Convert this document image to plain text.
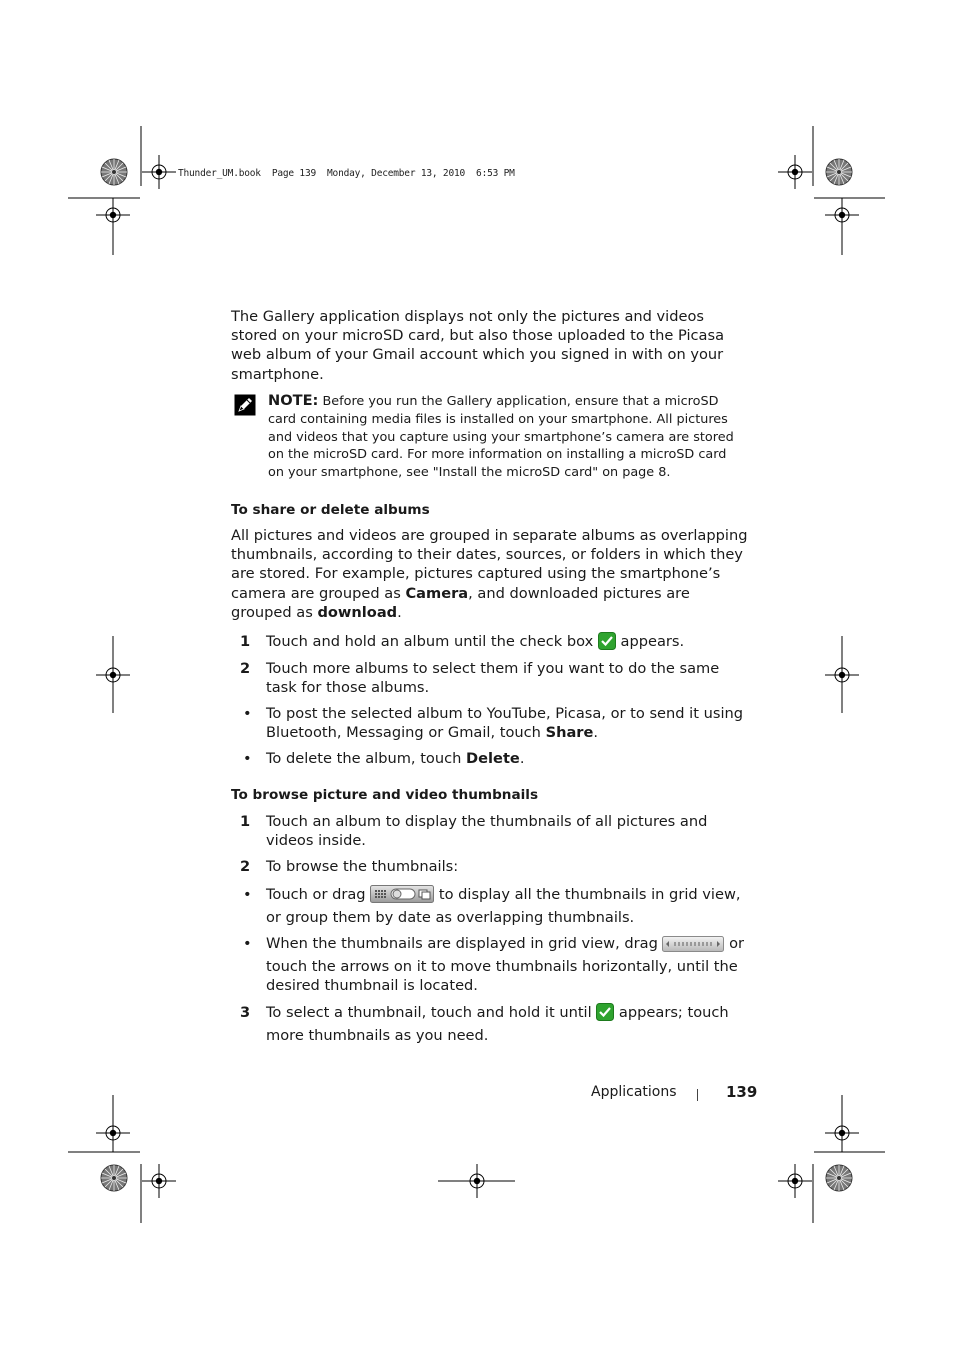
Thunder_UM.book  Page 139  Monday, December 13, 2010  6:53 PM
The Gallery application displays not only the pictures and videos stored on your microSD card, but also those uploaded to the Picasa web album of your Gmail account which you signed in with on your smartphone.
NOTE: Before you run the Gallery application, ensure that a microSD card containing media files is installed on your smartphone. All pictures and videos that you capture using your smartphone’s camera are stored on the microSD card. For more information on installing a microSD card on your smartphone, see "Install the microSD card" on page 8.
To share or delete albums
All pictures and videos are grouped in separate albums as overlapping thumbnails, according to their dates, sources, or folders in which they are stored. For example, pictures captured using the smartphone’s camera are grouped as Camera, and downloaded pictures are grouped as download.
1 Touch and hold an album until the check box  appears.
2 Touch more albums to select them if you want to do the same task for those albums.
• To post the selected album to YouTube, Picasa, or to send it using Bluetooth, Messaging or Gmail, touch Share.
• To delete the album, touch Delete.
To browse picture and video thumbnails
1 Touch an album to display the thumbnails of all pictures and videos inside.
2 To browse the thumbnails:
• Touch or drag	to display all the thumbnails in grid view, or group them by date as overlapping thumbnails.
• When the thumbnails are displayed in grid view, drag	or touch the arrows on it to move thumbnails horizontally, until the desired thumbnail is located.
3 To select a thumbnail, touch and hold it until  appears; touch more thumbnails as you need.
Applications	139
